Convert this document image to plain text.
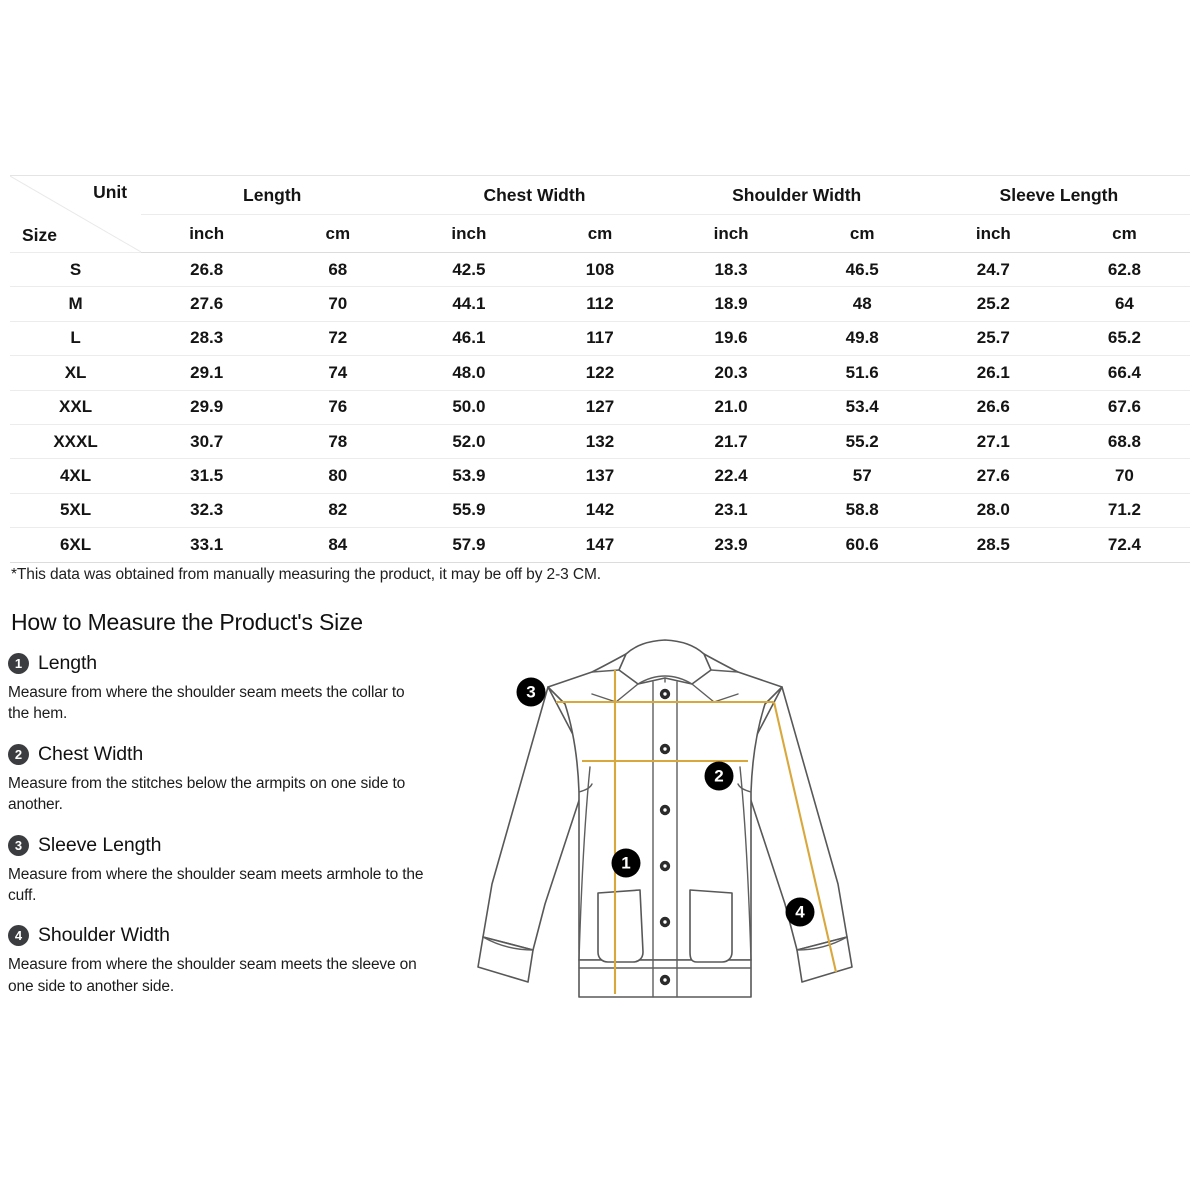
Unit
Size	Length		Chest Width		Shoulder Width		Sleeve Length	
	inch	cm	inch	cm	inch	cm	inch	cm
S	26.8	68	42.5	108	18.3	46.5	24.7	62.8
M	27.6	70	44.1	112	18.9	48	25.2	64
L	28.3	72	46.1	117	19.6	49.8	25.7	65.2
XL	29.1	74	48.0	122	20.3	51.6	26.1	66.4
XXL	29.9	76	50.0	127	21.0	53.4	26.6	67.6
XXXL	30.7	78	52.0	132	21.7	55.2	27.1	68.8
4XL	31.5	80	53.9	137	22.4	57	27.6	70
5XL	32.3	82	55.9	142	23.1	58.8	28.0	71.2
6XL	33.1	84	57.9	147	23.9	60.6	28.5	72.4
*This data was obtained from manually measuring the product, it may be off by 2-3 CM.
How to Measure the Product's Size
1 Length
Measure from where the shoulder seam meets the collar to the hem.
2 Chest Width
Measure from the stitches below the armpits on one side to another.
3 Sleeve Length
Measure from where the shoulder seam meets armhole to the cuff.
4 Shoulder Width
Measure from where the shoulder seam meets the sleeve on one side to another side.
3
2
1
4
